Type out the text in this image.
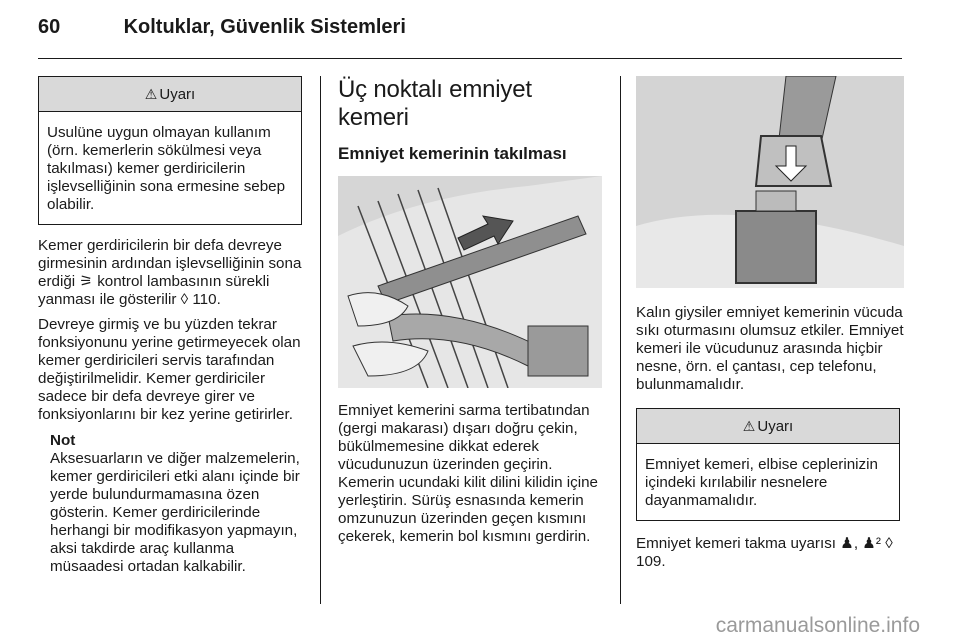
60	Koltuklar, Güvenlik Sistemleri
⚠ Uyarı
Usulüne uygun olmayan kullanım (örn. kemerlerin sökülmesi veya takılması) kemer gerdiricilerin işlevselliğinin sona ermesine sebep olabilir.

Kemer gerdiricilerin bir defa devreye girmesinin ardından işlevselliğinin sona erdiği ⚞ kontrol lambasının sürekli yanması ile gösterilir ◊ 110.

Devreye girmiş ve bu yüzden tekrar fonksiyonunu yerine getirmeyecek olan kemer gerdiricileri servis tarafından değiştirilmelidir. Kemer gerdiriciler sadece bir defa devreye girer ve fonksiyonlarını bir kez yerine getirirler.

Not

Aksesuarların ve diğer malzemelerin, kemer gerdiricileri etki alanı içinde bir yerde bulundurmamasına özen gösterin. Kemer gerdiricilerinde herhangi bir modifikasyon yapmayın, aksi takdirde araç kullanma müsaadesi ortadan kalkabilir.

Üç noktalı emniyet kemeri
Emniyet kemerinin takılması

Emniyet kemerini sarma tertibatından (gergi makarası) dışarı doğru çekin, bükülmemesine dikkat ederek vücudunuzun üzerinden geçirin. Kemerin ucundaki kilit dilini kilidin içine yerleştirin. Sürüş esnasında kemerin omzunuzun üzerinden geçen kısmını çekerek, kemerin bol kısmını gerdirin.

Kalın giysiler emniyet kemerinin vücuda sıkı oturmasını olumsuz etkiler. Emniyet kemeri ile vücudunuz arasında hiçbir nesne, örn. el çantası, cep telefonu, bulunmamalıdır.

⚠ Uyarı
Emniyet kemeri, elbise ceplerinizin içindeki kırılabilir nesnelere dayanmamalıdır.

Emniyet kemeri takma uyarısı ♟, ♟² ◊ 109.

carmanualsonline.info
